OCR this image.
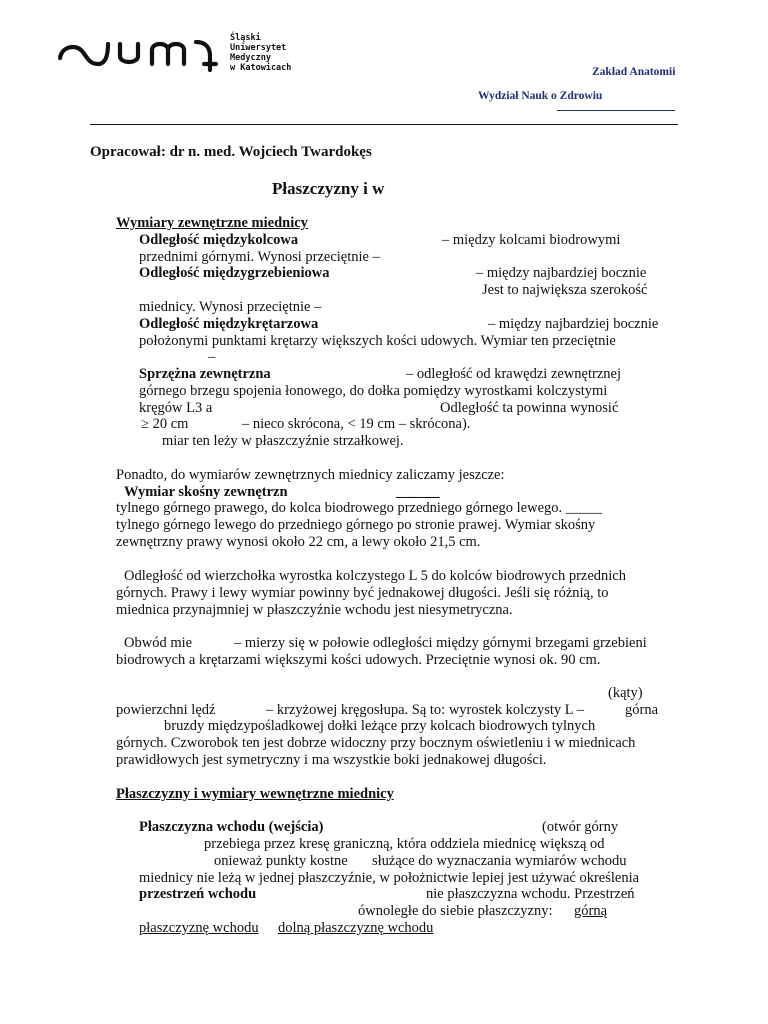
Śląski
Uniwersytet
Medyczny
w Katowicach	Zakład Anatomii
Wydział Nauk o Zdrowiu
Opracował: dr n. med. Wojciech Twardokęs
Płaszczyzny i w
Wymiary zewnętrzne miednicy
Odległość międzykolcowa	– między kolcami biodrowymi
przednimi górnymi. Wynosi przeciętnie –
Odległość międzygrzebieniowa	– między najbardziej bocznie
Jest to największa szerokość
miednicy. Wynosi przeciętnie –
Odległość międzykrętarzowa	– między najbardziej bocznie
położonymi punktami krętarzy większych kości udowych. Wymiar ten przeciętnie
–
Sprzężna zewnętrzna	– odległość od krawędzi zewnętrznej
górnego brzegu spojenia łonowego, do dołka pomiędzy wyrostkami kolczystymi
kręgów L3 a	Odległość ta powinna wynosić
≥ 20 cm	– nieco skrócona, < 19 cm – skrócona).
miar ten leży w płaszczyźnie strzałkowej.
Ponadto, do wymiarów zewnętrznych miednicy zaliczamy jeszcze:
Wymiar skośny zewnętrzn	______
tylnego górnego prawego, do kolca biodrowego przedniego górnego lewego. _____
tylnego górnego lewego do przedniego górnego po stronie prawej. Wymiar skośny
zewnętrzny prawy wynosi około 22 cm, a lewy około 21,5 cm.
Odległość od wierzchołka wyrostka kolczystego L 5 do kolców biodrowych przednich
górnych. Prawy i lewy wymiar powinny być jednakowej długości. Jeśli się różnią, to
miednica przynajmniej w płaszczyźnie wchodu jest niesymetryczna.
Obwód mie	– mierzy się w połowie odległości między górnymi brzegami grzebieni
biodrowych a krętarzami większymi kości udowych. Przeciętnie wynosi ok. 90 cm.
(kąty)
powierzchni lędź	– krzyżowej kręgosłupa. Są to: wyrostek kolczysty L –	górna
bruzdy międzypośladkowej dołki leżące przy kolcach biodrowych tylnych
górnych. Czworobok ten jest dobrze widoczny przy bocznym oświetleniu i w miednicach
prawidłowych jest symetryczny i ma wszystkie boki jednakowej długości.
Płaszczyzny i wymiary wewnętrzne miednicy
Płaszczyzna wchodu (wejścia)	(otwór górny
przebiega przez kresę graniczną, która oddziela miednicę większą od
onieważ punkty kostne służące do wyznaczania wymiarów wchodu
miednicy nie leżą w jednej płaszczyźnie, w położnictwie lepiej jest używać określenia
przestrzeń wchodu	nie płaszczyzna wchodu. Przestrzeń
ównoległe do siebie płaszczyzny: górną
płaszczyznę wchodu dolną płaszczyznę wchodu
